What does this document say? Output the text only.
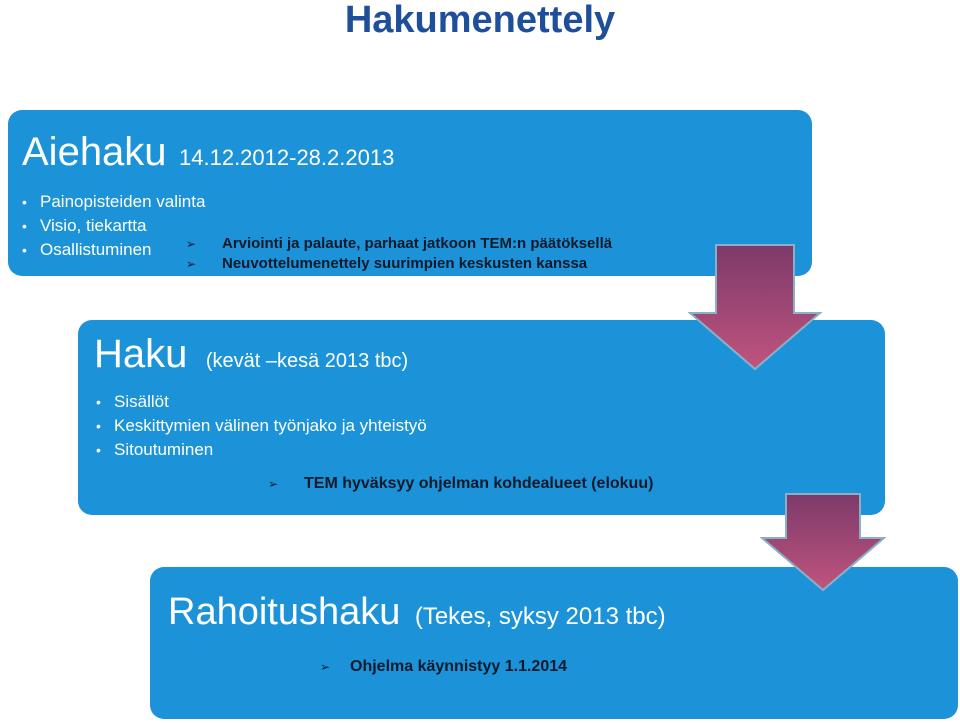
Hakumenettely
Aiehaku 14.12.2012-28.2.2013
• Painopisteiden valinta
• Visio, tiekartta
• Osallistuminen	➢ Arviointi ja palaute, parhaat jatkoon TEM:n päätöksellä
➢ Neuvottelumenettely suurimpien keskusten kanssa
Haku (kevät –kesä 2013 tbc)
• Sisällöt
• Keskittymien välinen työnjako ja yhteistyö
• Sitoutuminen
➢ TEM hyväksyy ohjelman kohdealueet (elokuu)
Rahoitushaku (Tekes, syksy 2013 tbc)
➢ Ohjelma käynnistyy 1.1.2014
